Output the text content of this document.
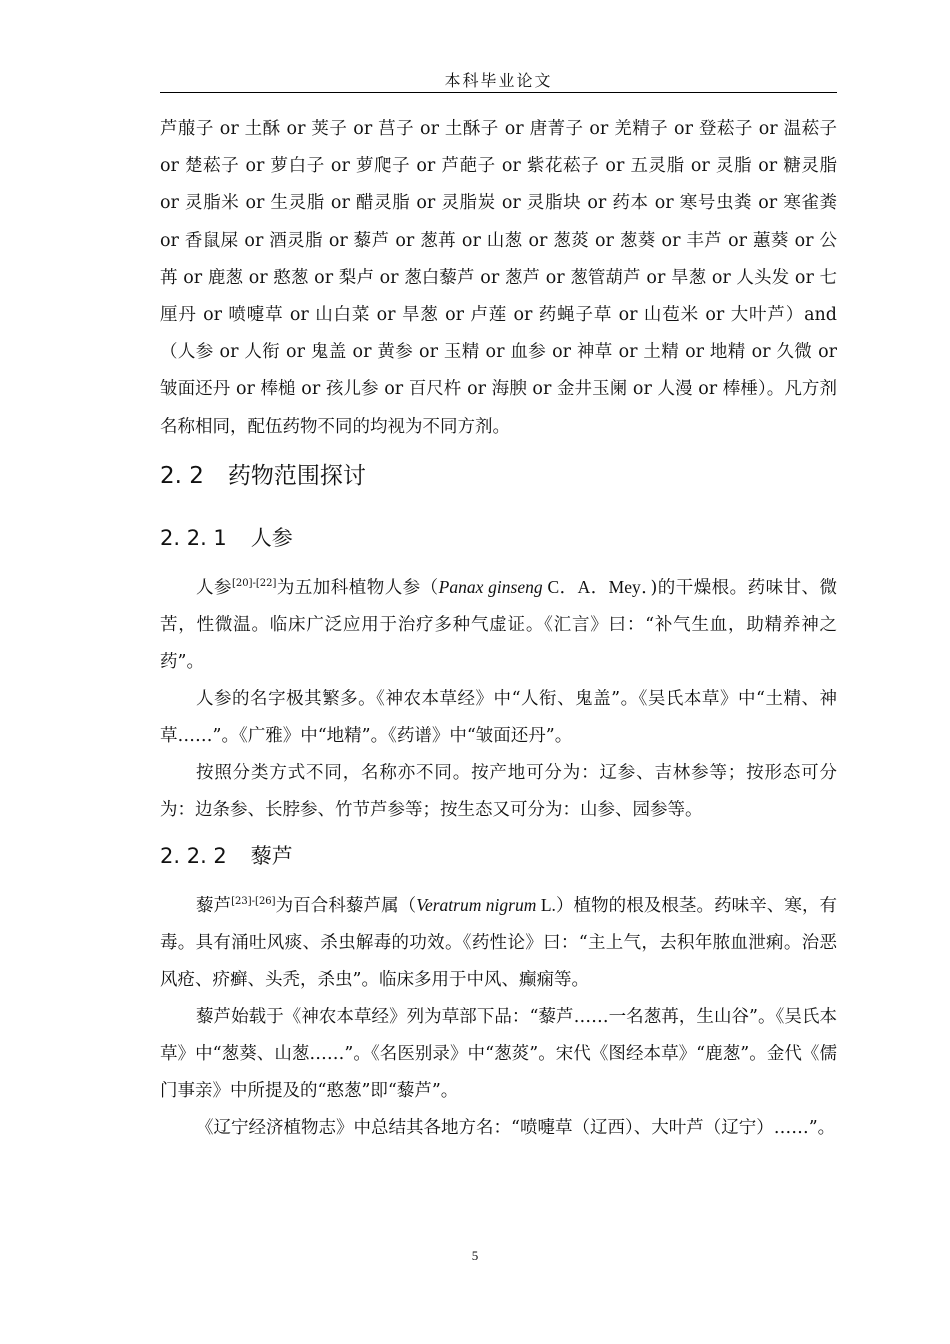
本科毕业论文

芦菔子 or 土酥 or 荚子 or 莒子 or 土酥子 or 唐菁子 or 羌精子 or 登菘子 or 温菘子 or 楚菘子 or 萝白子 or 萝爬子 or 芦葩子 or 紫花菘子 or 五灵脂 or 灵脂 or 糖灵脂 or 灵脂米 or 生灵脂 or 醋灵脂 or 灵脂炭 or 灵脂块 or 药本 or 寒号虫粪 or 寒雀粪 or 香鼠屎 or 酒灵脂 or 藜芦 or 葱苒 or 山葱 or 葱菼 or 葱葵 or 丰芦 or 蕙葵 or 公苒 or 鹿葱 or 憨葱 or 梨卢 or 葱白藜芦 or 葱芦 or 葱管葫芦 or 旱葱 or 人头发 or 七厘丹 or 喷嚏草 or 山白菜 or 旱葱 or 卢莲 or 药蝇子草 or 山苞米 or 大叶芦）and（人参 or 人衔 or 鬼盖 or 黄参 or 玉精 or 血参 or 神草 or 土精 or 地精 or 久微 or 皱面还丹 or 棒槌 or 孩儿参 or 百尺杵 or 海腴 or 金井玉阑 or 人漫 or 棒棰）。凡方剂名称相同，配伍药物不同的均视为不同方剂。

2. 2 药物范围探讨
2. 2. 1 人参

人参[20]-[22]为五加科植物人参（Panax ginseng C．A．Mey．)的干燥根。药味甘、微苦，性微温。临床广泛应用于治疗多种气虚证。《汇言》曰：“补气生血，助精养神之药”。

人参的名字极其繁多。《神农本草经》中“人衔、鬼盖”。《吴氏本草》中“土精、神草……”。《广雅》中“地精”。《药谱》中“皱面还丹”。

按照分类方式不同，名称亦不同。按产地可分为：辽参、吉林参等；按形态可分为：边条参、长脖参、竹节芦参等；按生态又可分为：山参、园参等。

2. 2. 2 藜芦

藜芦[23]-[26]为百合科藜芦属（Veratrum nigrum L.）植物的根及根茎。药味辛、寒，有毒。具有涌吐风痰、杀虫解毒的功效。《药性论》曰：“主上气，去积年脓血泄痢。治恶风疮、疥癣、头秃，杀虫”。临床多用于中风、癫痫等。

藜芦始载于《神农本草经》列为草部下品：“藜芦……一名葱苒，生山谷”。《吴氏本草》中“葱葵、山葱……”。《名医别录》中“葱菼”。宋代《图经本草》“鹿葱”。金代《儒门事亲》中所提及的“憨葱”即“藜芦”。

《辽宁经济植物志》中总结其各地方名：“喷嚏草（辽西）、大叶芦（辽宁）……”。

5
